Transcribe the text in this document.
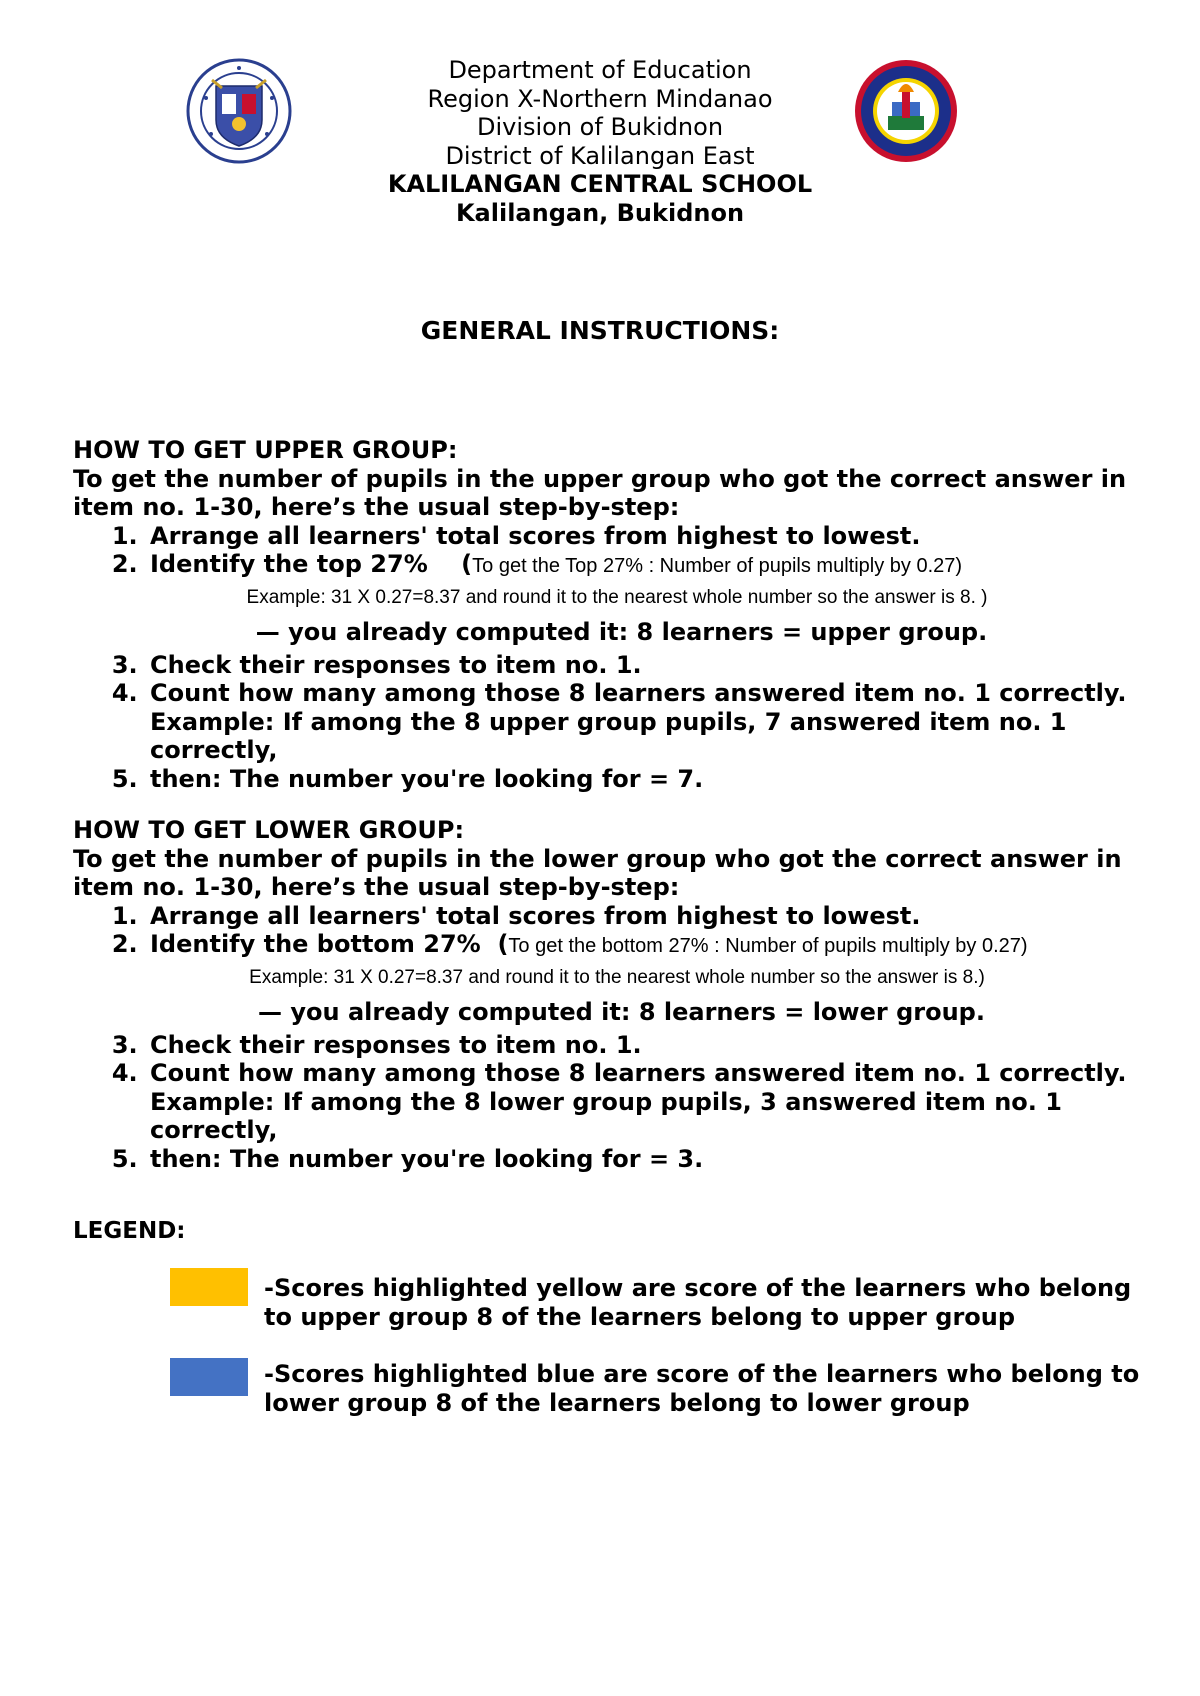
Department of Education
Region X-Northern Mindanao
Division of Bukidnon
District of Kalilangan East
KALILANGAN CENTRAL SCHOOL
Kalilangan, Bukidnon
GENERAL INSTRUCTIONS:
HOW TO GET UPPER GROUP:
To get the number of pupils in the upper group who got the correct answer in item no. 1-30, here’s the usual step-by-step:
1. Arrange all learners' total scores from highest to lowest.
2. Identify the top 27% (To get the Top 27% : Number of pupils multiply by 0.27)
Example: 31 X 0.27=8.37 and round it to the nearest whole number so the answer is 8. )
— you already computed it: 8 learners = upper group.
3. Check their responses to item no. 1.
4. Count how many among those 8 learners answered item no. 1 correctly. Example: If among the 8 upper group pupils, 7 answered item no. 1 correctly,
5. then: The number you're looking for = 7.
HOW TO GET LOWER GROUP:
To get the number of pupils in the lower group who got the correct answer in item no. 1-30, here’s the usual step-by-step:
1. Arrange all learners' total scores from highest to lowest.
2. Identify the bottom 27% (To get the bottom 27% : Number of pupils multiply by 0.27)
Example: 31 X 0.27=8.37 and round it to the nearest whole number so the answer is 8.)
— you already computed it: 8 learners = lower group.
3. Check their responses to item no. 1.
4. Count how many among those 8 learners answered item no. 1 correctly. Example: If among the 8 lower group pupils, 3 answered item no. 1 correctly,
5. then: The number you're looking for = 3.
LEGEND:
-Scores highlighted yellow are score of the learners who belong to upper group 8 of the learners belong to upper group
-Scores highlighted blue are score of the learners who belong to lower group 8 of the learners belong to lower group
